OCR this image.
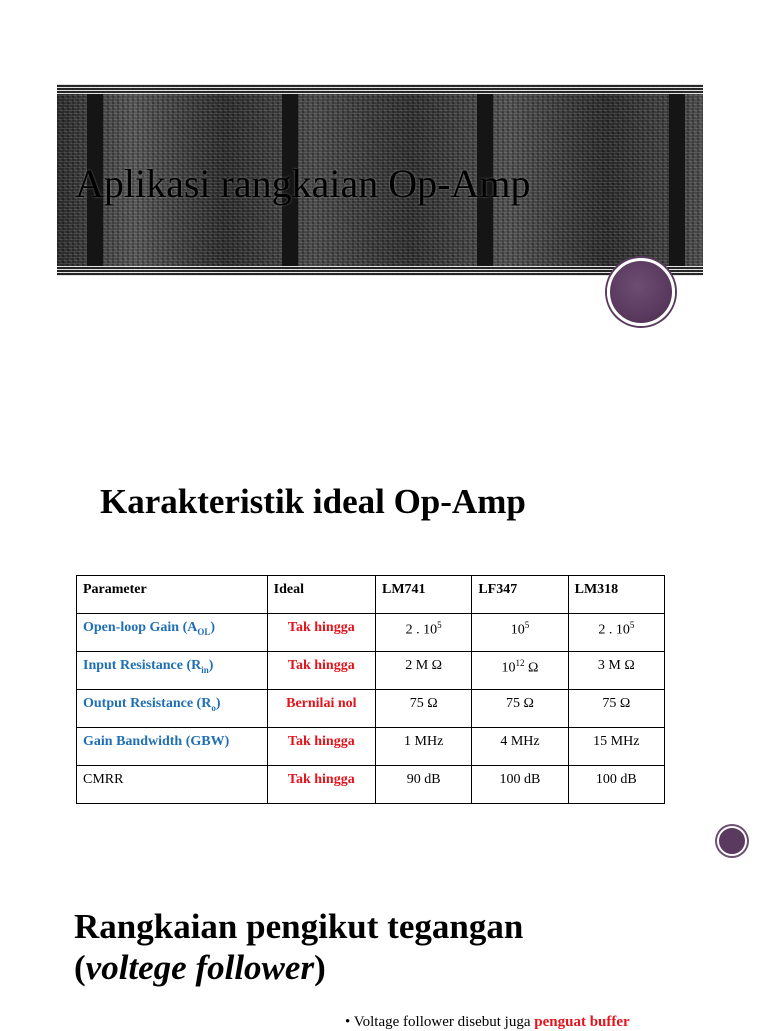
Aplikasi rangkaian Op-Amp
Karakteristik ideal Op-Amp
Parameter	Ideal	LM741	LF347	LM318
Open-loop Gain $(A_{OL})$	Tak hingga	2 . $10^5$	$10^5$	2 . $10^5$
Input Resistance $(R_{in})$	Tak hingga	2 M Ω	$10^{12}$ Ω	3 M Ω
Output Resistance $(R_o)$	Bernilai nol	75 Ω	75 Ω	75 Ω
Gain Bandwidth (GBW)	Tak hingga	1 MHz	4 MHz	15 MHz
CMRR	Tak hingga	90 dB	100 dB	100 dB
Rangkaian pengikut tegangan
(voltege follower)
• Voltage follower disebut juga penguat buffer
